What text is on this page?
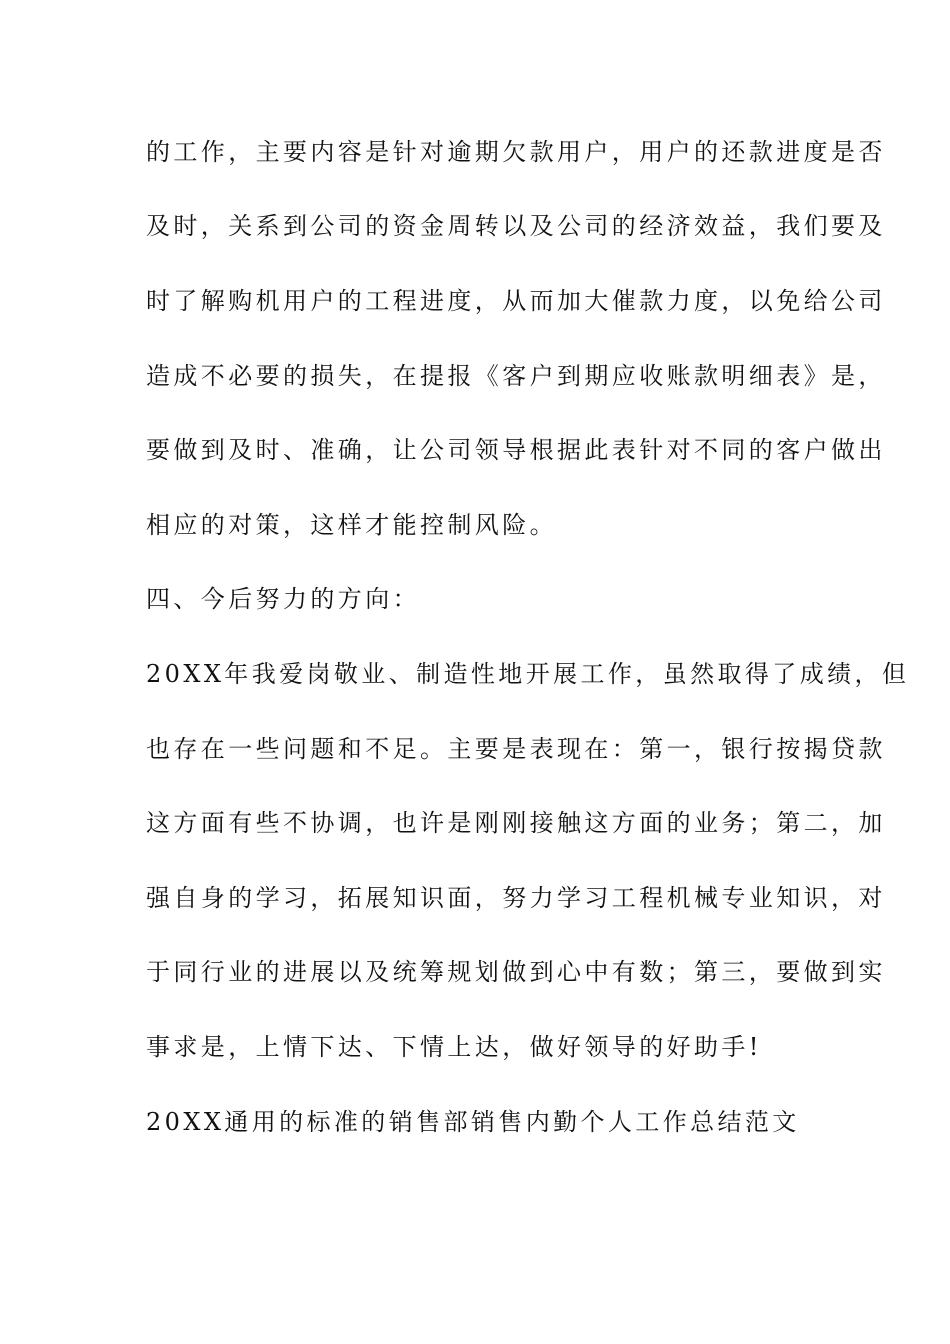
的工作，主要内容是针对逾期欠款用户，用户的还款进度是否
及时，关系到公司的资金周转以及公司的经济效益，我们要及
时了解购机用户的工程进度，从而加大催款力度，以免给公司
造成不必要的损失，在提报《客户到期应收账款明细表》是，
要做到及时、准确，让公司领导根据此表针对不同的客户做出
相应的对策，这样才能控制风险。
四、今后努力的方向：
20XX年我爱岗敬业、制造性地开展工作，虽然取得了成绩，但
也存在一些问题和不足。主要是表现在：第一，银行按揭贷款
这方面有些不协调，也许是刚刚接触这方面的业务；第二，加
强自身的学习，拓展知识面，努力学习工程机械专业知识，对
于同行业的进展以及统筹规划做到心中有数；第三，要做到实
事求是，上情下达、下情上达，做好领导的好助手!
20XX通用的标准的销售部销售内勤个人工作总结范文
